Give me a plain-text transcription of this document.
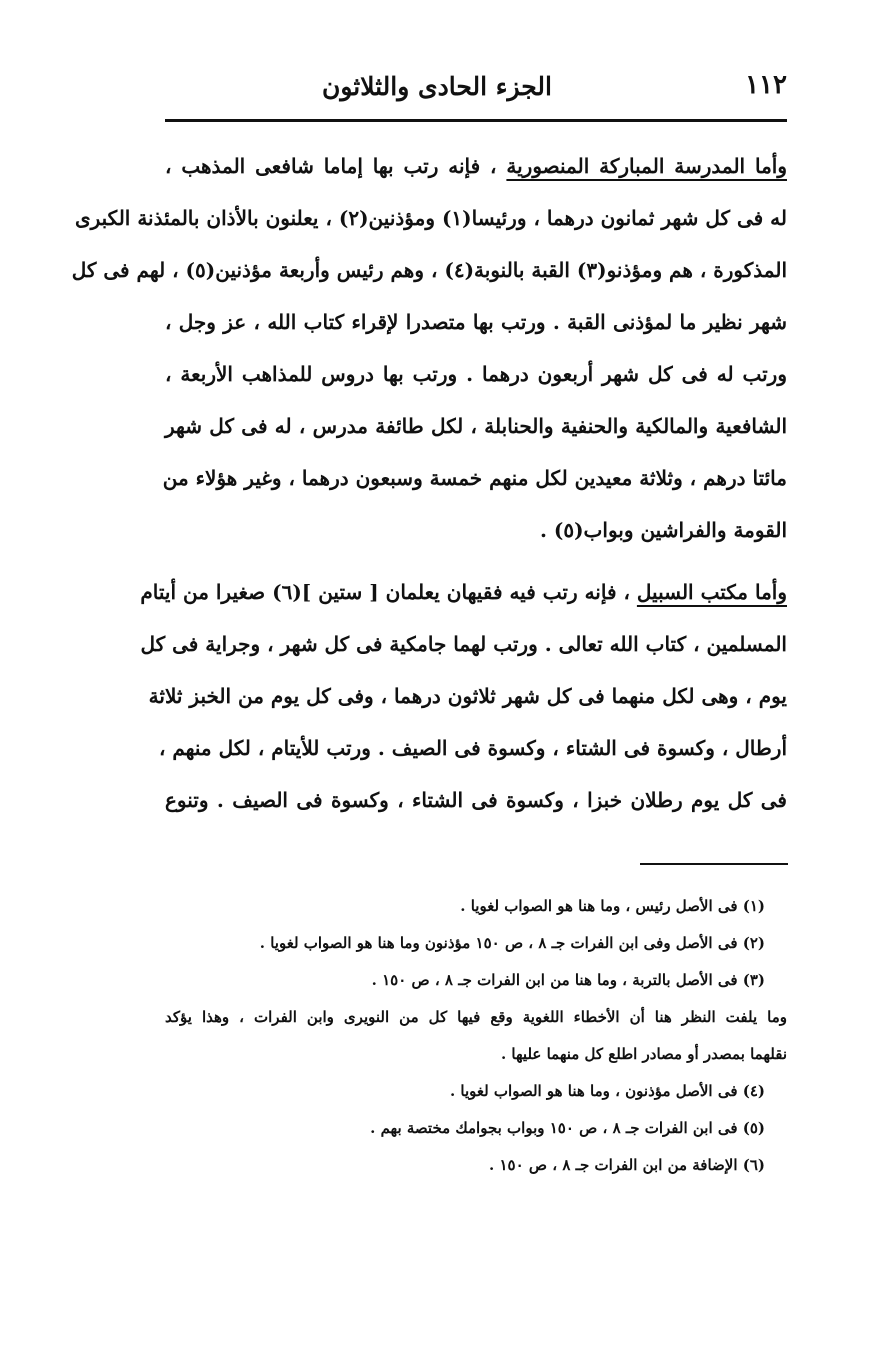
١١٢
الجزء الحادى والثلاثون

وأما المدرسة المباركة المنصورية ، فإنه رتب بها إماما شافعى المذهب ،

له فى كل شهر ثمانون درهما ، ورئيسا(١) ومؤذنين(٢) ، يعلنون بالأذان بالمئذنة الكبرى

المذكورة ، هم ومؤذنو(٣) القبة بالنوبة(٤) ، وهم رئيس وأربعة مؤذنين(٥) ، لهم فى كل

شهر نظير ما لمؤذنى القبة . ورتب بها متصدرا لإقراء كتاب الله ، عز وجل ،

ورتب له فى كل شهر أربعون درهما . ورتب بها دروس للمذاهب الأربعة ،

الشافعية والمالكية والحنفية والحنابلة ، لكل طائفة مدرس ، له فى كل شهر

مائتا درهم ، وثلاثة معيدين لكل منهم خمسة وسبعون درهما ، وغير هؤلاء من

القومة والفراشين وبواب(٥) .

وأما مكتب السبيل ، فإنه رتب فيه فقيهان يعلمان [ ستين ](٦) صغيرا من أيتام

المسلمين ، كتاب الله تعالى . ورتب لهما جامكية فى كل شهر ، وجراية فى كل

يوم ، وهى لكل منهما فى كل شهر ثلاثون درهما ، وفى كل يوم من الخبز ثلاثة

أرطال ، وكسوة فى الشتاء ، وكسوة فى الصيف . ورتب للأيتام ، لكل منهم ،

فى كل يوم رطلان خبزا ، وكسوة فى الشتاء ، وكسوة فى الصيف . وتنوع

(١) فى الأصل رئيس ، وما هنا هو الصواب لغويا .

(٢) فى الأصل وفى ابن الفرات جـ ٨ ، ص ١٥٠ مؤذنون وما هنا هو الصواب لغويا .

(٣) فى الأصل بالتربة ، وما هنا من ابن الفرات جـ ٨ ، ص ١٥٠ .

وما يلفت النظر هنا أن الأخطاء اللغوية وقع فيها كل من النويرى وابن الفرات ، وهذا يؤكد

نقلهما بمصدر أو مصادر اطلع كل منهما عليها .

(٤) فى الأصل مؤذنون ، وما هنا هو الصواب لغويا .

(٥) فى ابن الفرات جـ ٨ ، ص ١٥٠ وبواب بجوامك مختصة بهم .

(٦) الإضافة من ابن الفرات جـ ٨ ، ص ١٥٠ .
